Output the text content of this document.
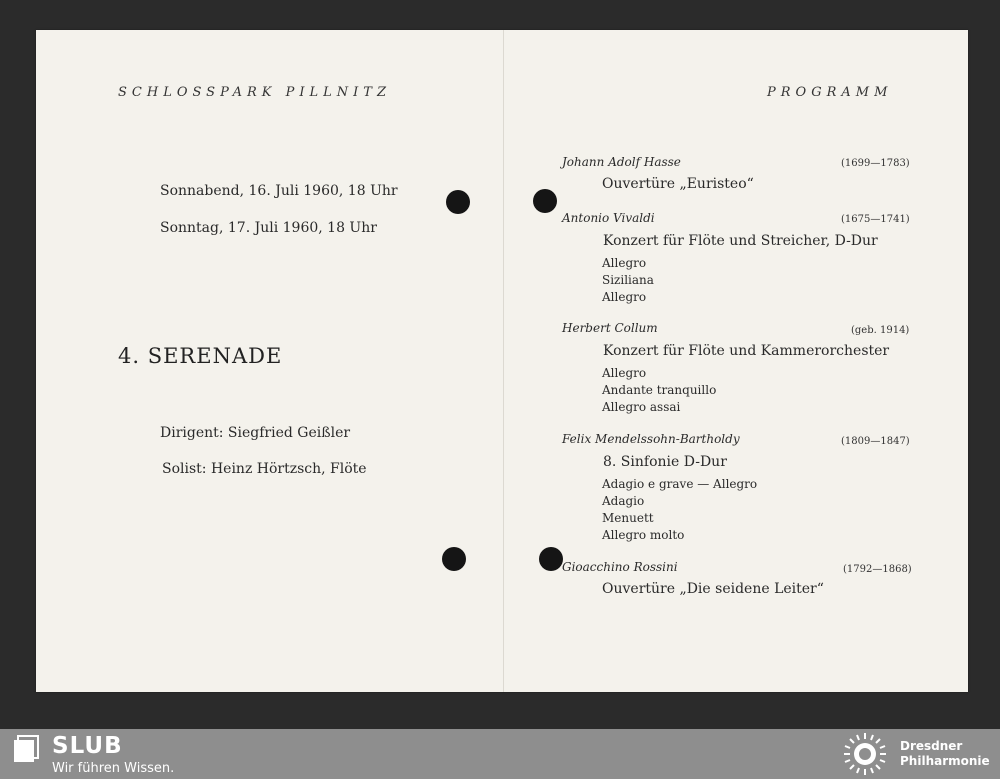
SCHLOSSPARK PILLNITZ
Sonnabend, 16. Juli 1960, 18 Uhr
Sonntag, 17. Juli 1960, 18 Uhr
4. SERENADE
Dirigent: Siegfried Geißler
Solist: Heinz Hörtzsch, Flöte
PROGRAMM
Johann Adolf Hasse	(1699—1783)
Ouvertüre „Euristeo“
Antonio Vivaldi	(1675—1741)
Konzert für Flöte und Streicher, D-Dur
Allegro
Siziliana
Allegro
Herbert Collum	(geb. 1914)
Konzert für Flöte und Kammerorchester
Allegro
Andante tranquillo
Allegro assai
Felix Mendelssohn-Bartholdy	(1809—1847)
8. Sinfonie D-Dur
Adagio e grave — Allegro
Adagio
Menuett
Allegro molto
Gioacchino Rossini	(1792—1868)
Ouvertüre „Die seidene Leiter“
SLUB
Wir führen Wissen.
Dresdner
Philharmonie
